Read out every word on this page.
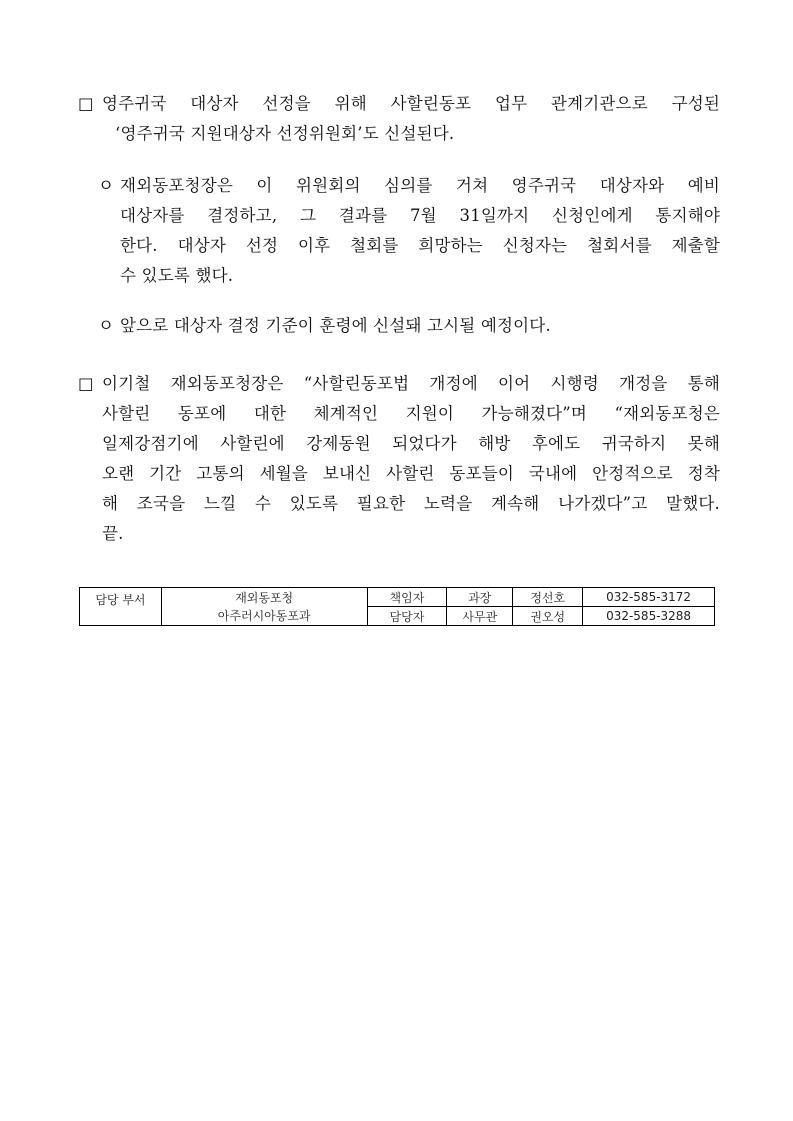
□ 영주귀국 대상자 선정을 위해 사할린동포 업무 관계기관으로 구성된
‘영주귀국 지원대상자 선정위원회’도 신설된다.
ㅇ 재외동포청장은 이 위원회의 심의를 거쳐 영주귀국 대상자와 예비
대상자를 결정하고, 그 결과를 7월 31일까지 신청인에게 통지해야
한다. 대상자 선정 이후 철회를 희망하는 신청자는 철회서를 제출할
수 있도록 했다.
ㅇ 앞으로 대상자 결정 기준이 훈령에 신설돼 고시될 예정이다.
□ 이기철 재외동포청장은 “사할린동포법 개정에 이어 시행령 개정을 통해
사할린 동포에 대한 체계적인 지원이 가능해졌다”며 “재외동포청은
일제강점기에 사할린에 강제동원 되었다가 해방 후에도 귀국하지 못해
오랜 기간 고통의 세월을 보내신 사할린 동포들이 국내에 안정적으로 정착
해 조국을 느낄 수 있도록 필요한 노력을 계속해 나가겠다”고 말했다.
끝.
담당 부서	재외동포청	책임자	과장	정선호	032-585-3172
	아주러시아동포과	담당자	사무관	권오성	032-585-3288
